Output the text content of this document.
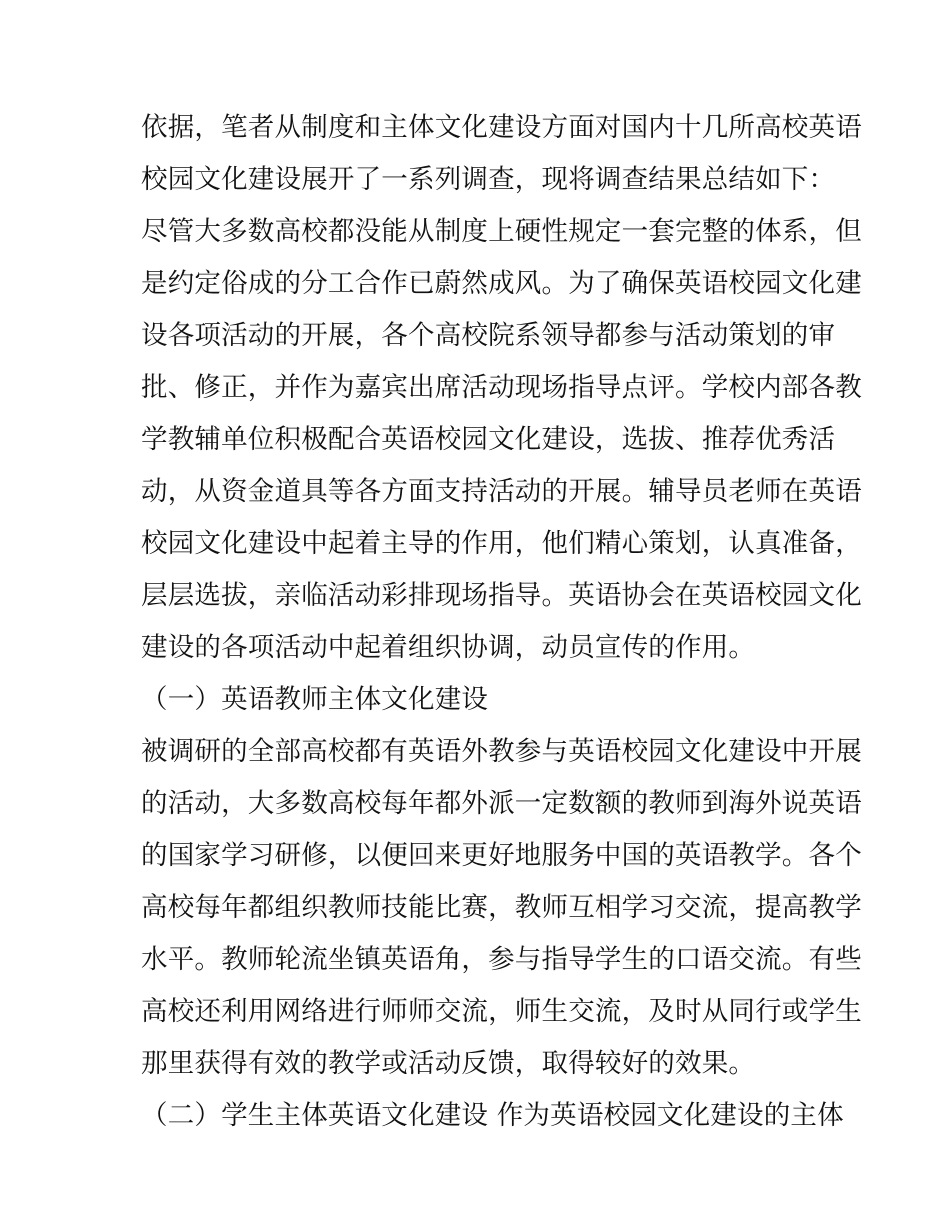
依据，笔者从制度和主体文化建设方面对国内十几所高校英语
校园文化建设展开了一系列调查，现将调查结果总结如下：
尽管大多数高校都没能从制度上硬性规定一套完整的体系，但
是约定俗成的分工合作已蔚然成风。为了确保英语校园文化建
设各项活动的开展，各个高校院系领导都参与活动策划的审
批、修正，并作为嘉宾出席活动现场指导点评。学校内部各教
学教辅单位积极配合英语校园文化建设，选拔、推荐优秀活
动，从资金道具等各方面支持活动的开展。辅导员老师在英语
校园文化建设中起着主导的作用，他们精心策划，认真准备，
层层选拔，亲临活动彩排现场指导。英语协会在英语校园文化
建设的各项活动中起着组织协调，动员宣传的作用。
（一）英语教师主体文化建设
被调研的全部高校都有英语外教参与英语校园文化建设中开展
的活动，大多数高校每年都外派一定数额的教师到海外说英语
的国家学习研修，以便回来更好地服务中国的英语教学。各个
高校每年都组织教师技能比赛，教师互相学习交流，提高教学
水平。教师轮流坐镇英语角，参与指导学生的口语交流。有些
高校还利用网络进行师师交流，师生交流，及时从同行或学生
那里获得有效的教学或活动反馈，取得较好的效果。
（二）学生主体英语文化建设 作为英语校园文化建设的主体
